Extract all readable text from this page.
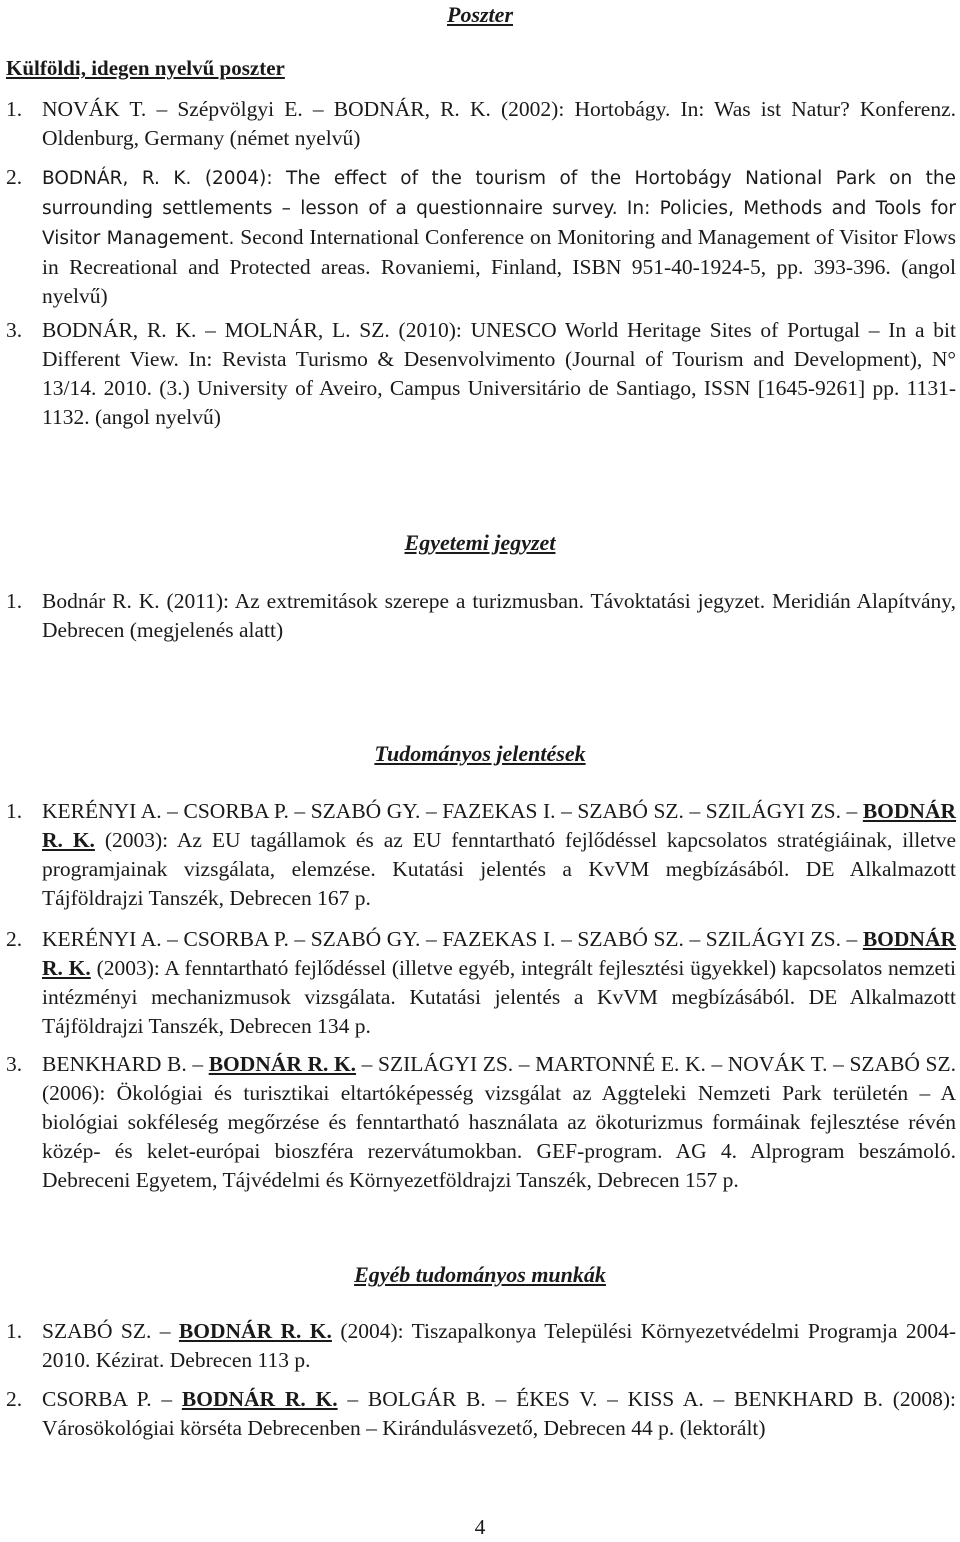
Poszter
Külföldi, idegen nyelvű poszter
1. NOVÁK T. – Szépvölgyi E. – BODNÁR, R. K. (2002): Hortobágy. In: Was ist Natur? Konferenz. Oldenburg, Germany (német nyelvű)
2. BODNÁR, R. K. (2004): The effect of the tourism of the Hortobágy National Park on the surrounding settlements – lesson of a questionnaire survey. In: Policies, Methods and Tools for Visitor Management. Second International Conference on Monitoring and Management of Visitor Flows in Recreational and Protected areas. Rovaniemi, Finland, ISBN 951-40-1924-5, pp. 393-396. (angol nyelvű)
3. BODNÁR, R. K. – MOLNÁR, L. SZ. (2010): UNESCO World Heritage Sites of Portugal – In a bit Different View. In: Revista Turismo & Desenvolvimento (Journal of Tourism and Development), N° 13/14. 2010. (3.) University of Aveiro, Campus Universitário de Santiago, ISSN [1645-9261] pp. 1131-1132. (angol nyelvű)
Egyetemi jegyzet
1. Bodnár R. K. (2011): Az extremitások szerepe a turizmusban. Távoktatási jegyzet. Meridián Alapítvány, Debrecen (megjelenés alatt)
Tudományos jelentések
1. KERÉNYI A. – CSORBA P. – SZABÓ GY. – FAZEKAS I. – SZABÓ SZ. – SZILÁGYI ZS. – BODNÁR R. K. (2003): Az EU tagállamok és az EU fenntartható fejlődéssel kapcsolatos stratégiáinak, illetve programjainak vizsgálata, elemzése. Kutatási jelentés a KvVM megbízásából. DE Alkalmazott Tájföldrajzi Tanszék, Debrecen 167 p.
2. KERÉNYI A. – CSORBA P. – SZABÓ GY. – FAZEKAS I. – SZABÓ SZ. – SZILÁGYI ZS. – BODNÁR R. K. (2003): A fenntartható fejlődéssel (illetve egyéb, integrált fejlesztési ügyekkel) kapcsolatos nemzeti intézményi mechanizmusok vizsgálata. Kutatási jelentés a KvVM megbízásából. DE Alkalmazott Tájföldrajzi Tanszék, Debrecen 134 p.
3. BENKHARD B. – BODNÁR R. K. – SZILÁGYI ZS. – MARTONNÉ E. K. – NOVÁK T. – SZABÓ SZ. (2006): Ökológiai és turisztikai eltartóképesség vizsgálat az Aggteleki Nemzeti Park területén – A biológiai sokféleség megőrzése és fenntartható használata az ökoturizmus formáinak fejlesztése révén közép- és kelet-európai bioszféra rezervátumokban. GEF-program. AG 4. Alprogram beszámoló. Debreceni Egyetem, Tájvédelmi és Környezetföldrajzi Tanszék, Debrecen 157 p.
Egyéb tudományos munkák
1. SZABÓ SZ. – BODNÁR R. K. (2004): Tiszapalkonya Települési Környezetvédelmi Programja 2004-2010. Kézirat. Debrecen 113 p.
2. CSORBA P. – BODNÁR R. K. – BOLGÁR B. – ÉKES V. – KISS A. – BENKHARD B. (2008): Városökológiai körséta Debrecenben – Kirándulásvezető, Debrecen 44 p. (lektorált)
4
